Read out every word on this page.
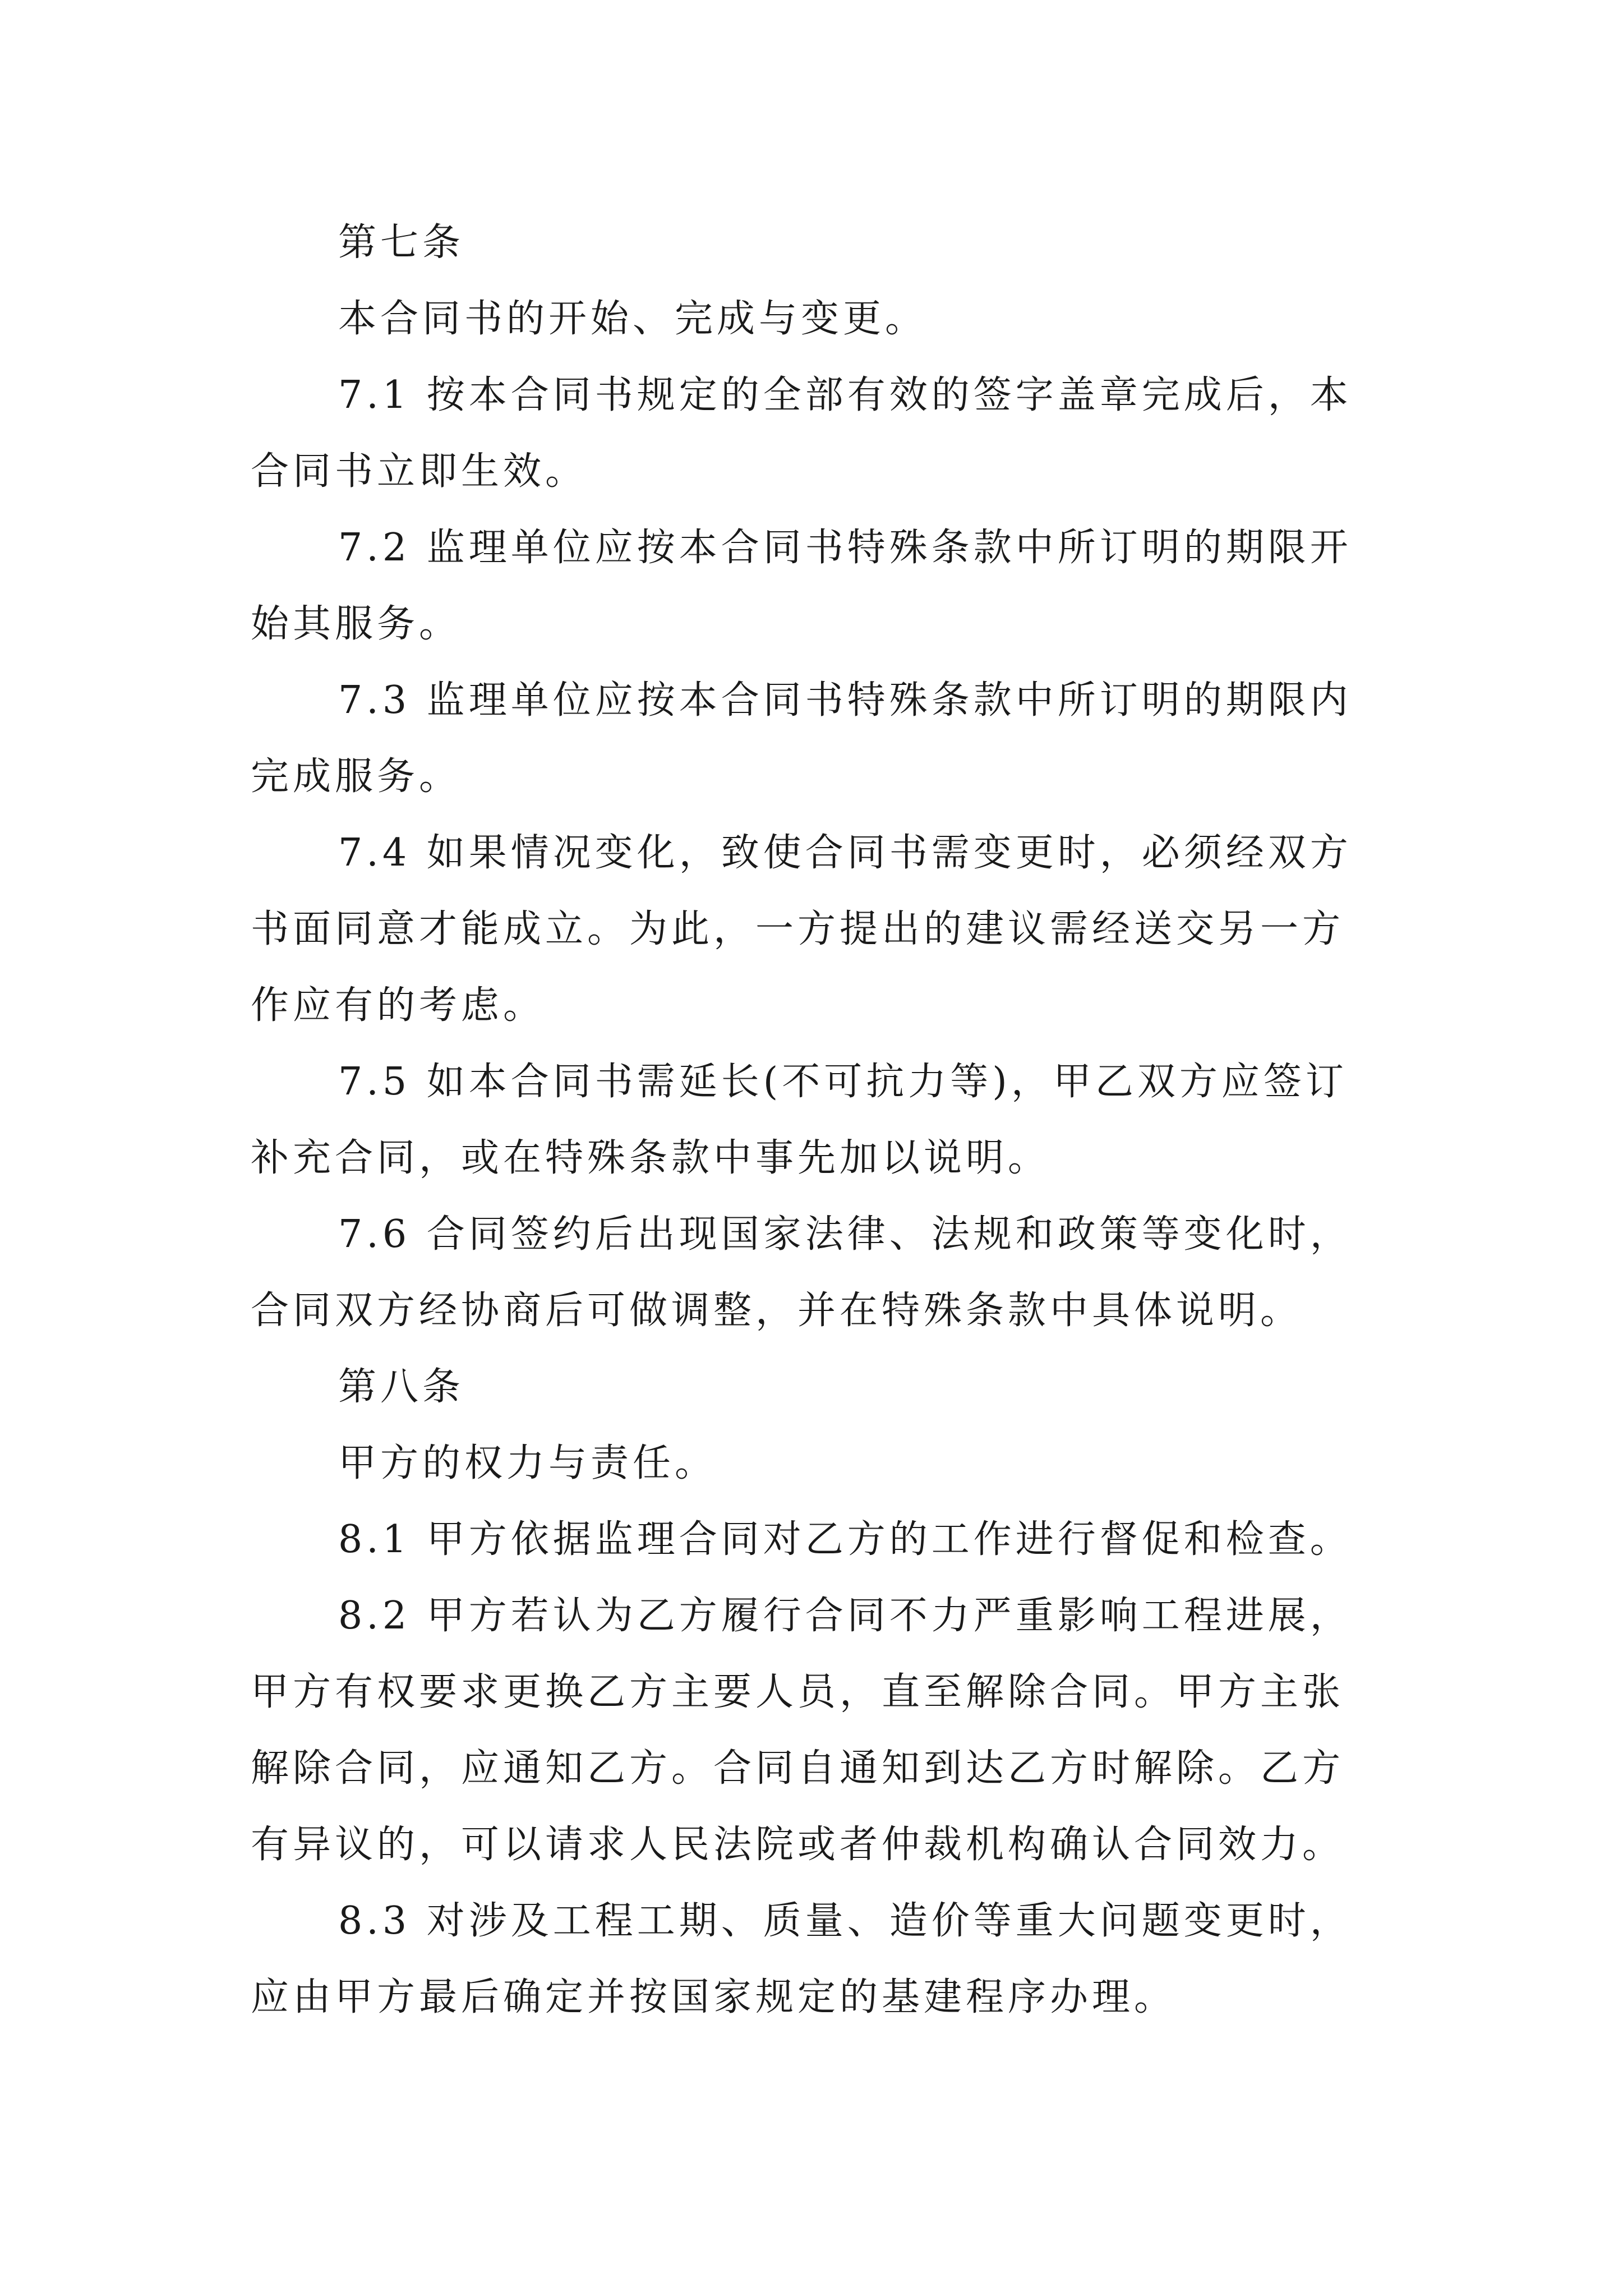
第七条
本合同书的开始、完成与变更。
7.1 按本合同书规定的全部有效的签字盖章完成后，本
合同书立即生效。
7.2 监理单位应按本合同书特殊条款中所订明的期限开
始其服务。
7.3 监理单位应按本合同书特殊条款中所订明的期限内
完成服务。
7.4 如果情况变化，致使合同书需变更时，必须经双方
书面同意才能成立。为此，一方提出的建议需经送交另一方
作应有的考虑。
7.5 如本合同书需延长(不可抗力等)，甲乙双方应签订
补充合同，或在特殊条款中事先加以说明。
7.6 合同签约后出现国家法律、法规和政策等变化时，
合同双方经协商后可做调整，并在特殊条款中具体说明。
第八条
甲方的权力与责任。
8.1 甲方依据监理合同对乙方的工作进行督促和检查。
8.2 甲方若认为乙方履行合同不力严重影响工程进展，
甲方有权要求更换乙方主要人员，直至解除合同。甲方主张
解除合同，应通知乙方。合同自通知到达乙方时解除。乙方
有异议的，可以请求人民法院或者仲裁机构确认合同效力。
8.3 对涉及工程工期、质量、造价等重大问题变更时，
应由甲方最后确定并按国家规定的基建程序办理。
